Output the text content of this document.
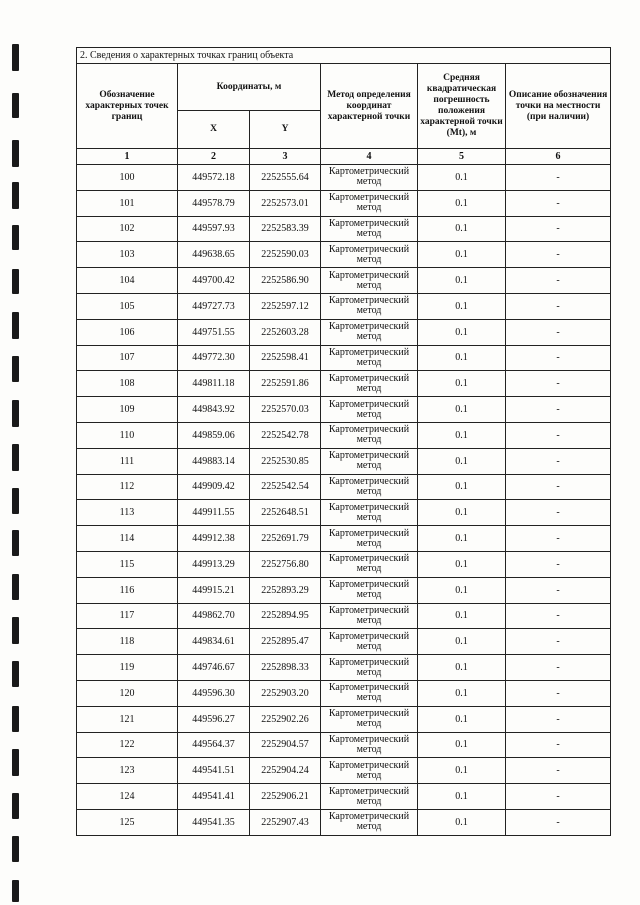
2. Сведения о характерных точках границ объекта					
Обозначение характерных точек границ	Координаты, м		Метод определения координат характерной точки	Средняя квадратическая погрешность положения характерной точки (Mt), м	Описание обозначения точки на местности (при наличии)
	X	Y			
1	2	3	4	5	6
100	449572.18	2252555.64	Картометрический метод	0.1	-
101	449578.79	2252573.01	Картометрический метод	0.1	-
102	449597.93	2252583.39	Картометрический метод	0.1	-
103	449638.65	2252590.03	Картометрический метод	0.1	-
104	449700.42	2252586.90	Картометрический метод	0.1	-
105	449727.73	2252597.12	Картометрический метод	0.1	-
106	449751.55	2252603.28	Картометрический метод	0.1	-
107	449772.30	2252598.41	Картометрический метод	0.1	-
108	449811.18	2252591.86	Картометрический метод	0.1	-
109	449843.92	2252570.03	Картометрический метод	0.1	-
110	449859.06	2252542.78	Картометрический метод	0.1	-
111	449883.14	2252530.85	Картометрический метод	0.1	-
112	449909.42	2252542.54	Картометрический метод	0.1	-
113	449911.55	2252648.51	Картометрический метод	0.1	-
114	449912.38	2252691.79	Картометрический метод	0.1	-
115	449913.29	2252756.80	Картометрический метод	0.1	-
116	449915.21	2252893.29	Картометрический метод	0.1	-
117	449862.70	2252894.95	Картометрический метод	0.1	-
118	449834.61	2252895.47	Картометрический метод	0.1	-
119	449746.67	2252898.33	Картометрический метод	0.1	-
120	449596.30	2252903.20	Картометрический метод	0.1	-
121	449596.27	2252902.26	Картометрический метод	0.1	-
122	449564.37	2252904.57	Картометрический метод	0.1	-
123	449541.51	2252904.24	Картометрический метод	0.1	-
124	449541.41	2252906.21	Картометрический метод	0.1	-
125	449541.35	2252907.43	Картометрический метод	0.1	-
